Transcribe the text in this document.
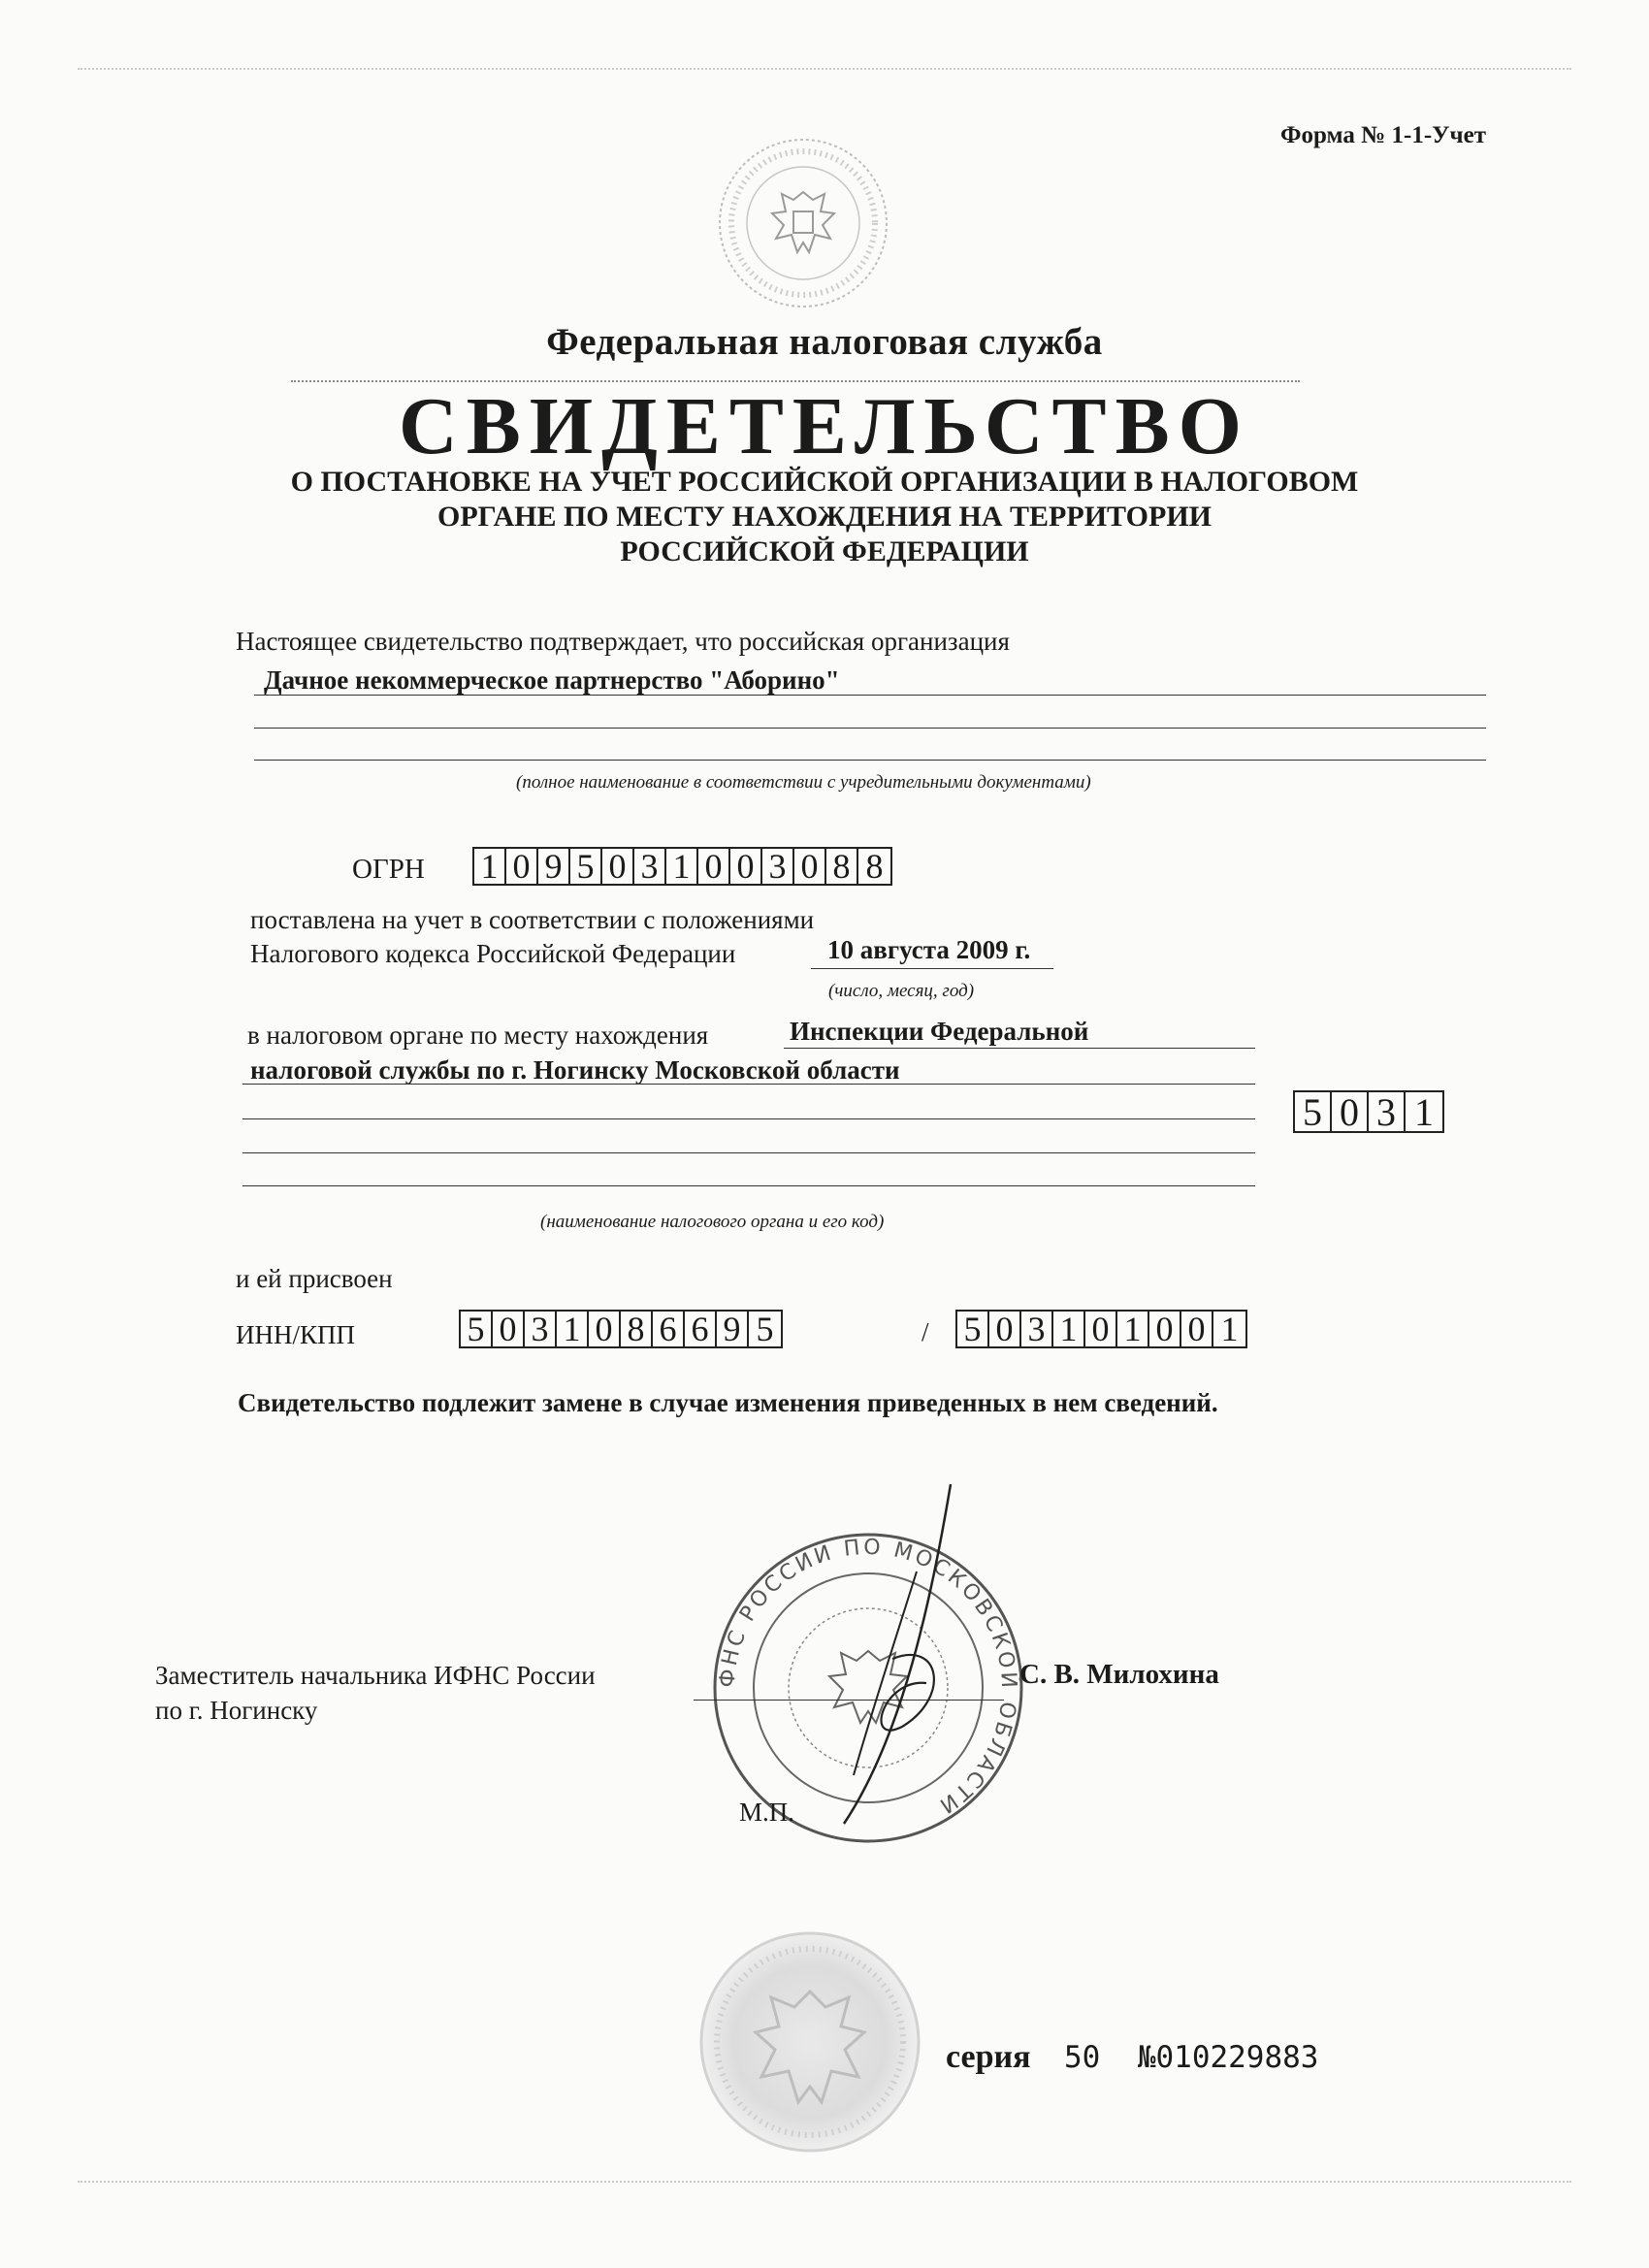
Форма № 1-1-Учет
Федеральная налоговая служба
СВИДЕТЕЛЬСТВО
О ПОСТАНОВКЕ НА УЧЕТ РОССИЙСКОЙ ОРГАНИЗАЦИИ В НАЛОГОВОМ
ОРГАНЕ ПО МЕСТУ НАХОЖДЕНИЯ НА ТЕРРИТОРИИ
РОССИЙСКОЙ ФЕДЕРАЦИИ
Настоящее свидетельство подтверждает, что российская организация
Дачное некоммерческое партнерство "Аборино"
(полное наименование в соответствии с учредительными документами)
ОГРН 1 0 9 5 0 3 1 0 0 3 0 8 8
поставлена на учет в соответствии с положениями
Налогового кодекса Российской Федерации	10 августа 2009 г.
(число, месяц, год)
в налоговом органе по месту нахождения	Инспекции Федеральной
налоговой службы по г. Ногинску Московской области
5 0 3 1
(наименование налогового органа и его код)
и ей присвоен
ИНН/КПП	5 0 3 1 0 8 6 6 9 5	/ 5 0 3 1 0 1 0 0 1
Свидетельство подлежит замене в случае изменения приведенных в нем сведений.
ФНС РОССИИ ПО МОСКОВСКОЙ ОБЛАСТИ
Заместитель начальника ИФНС России
по г. Ногинску
С. В. Милохина
М.П.
серия 50 №010229883
